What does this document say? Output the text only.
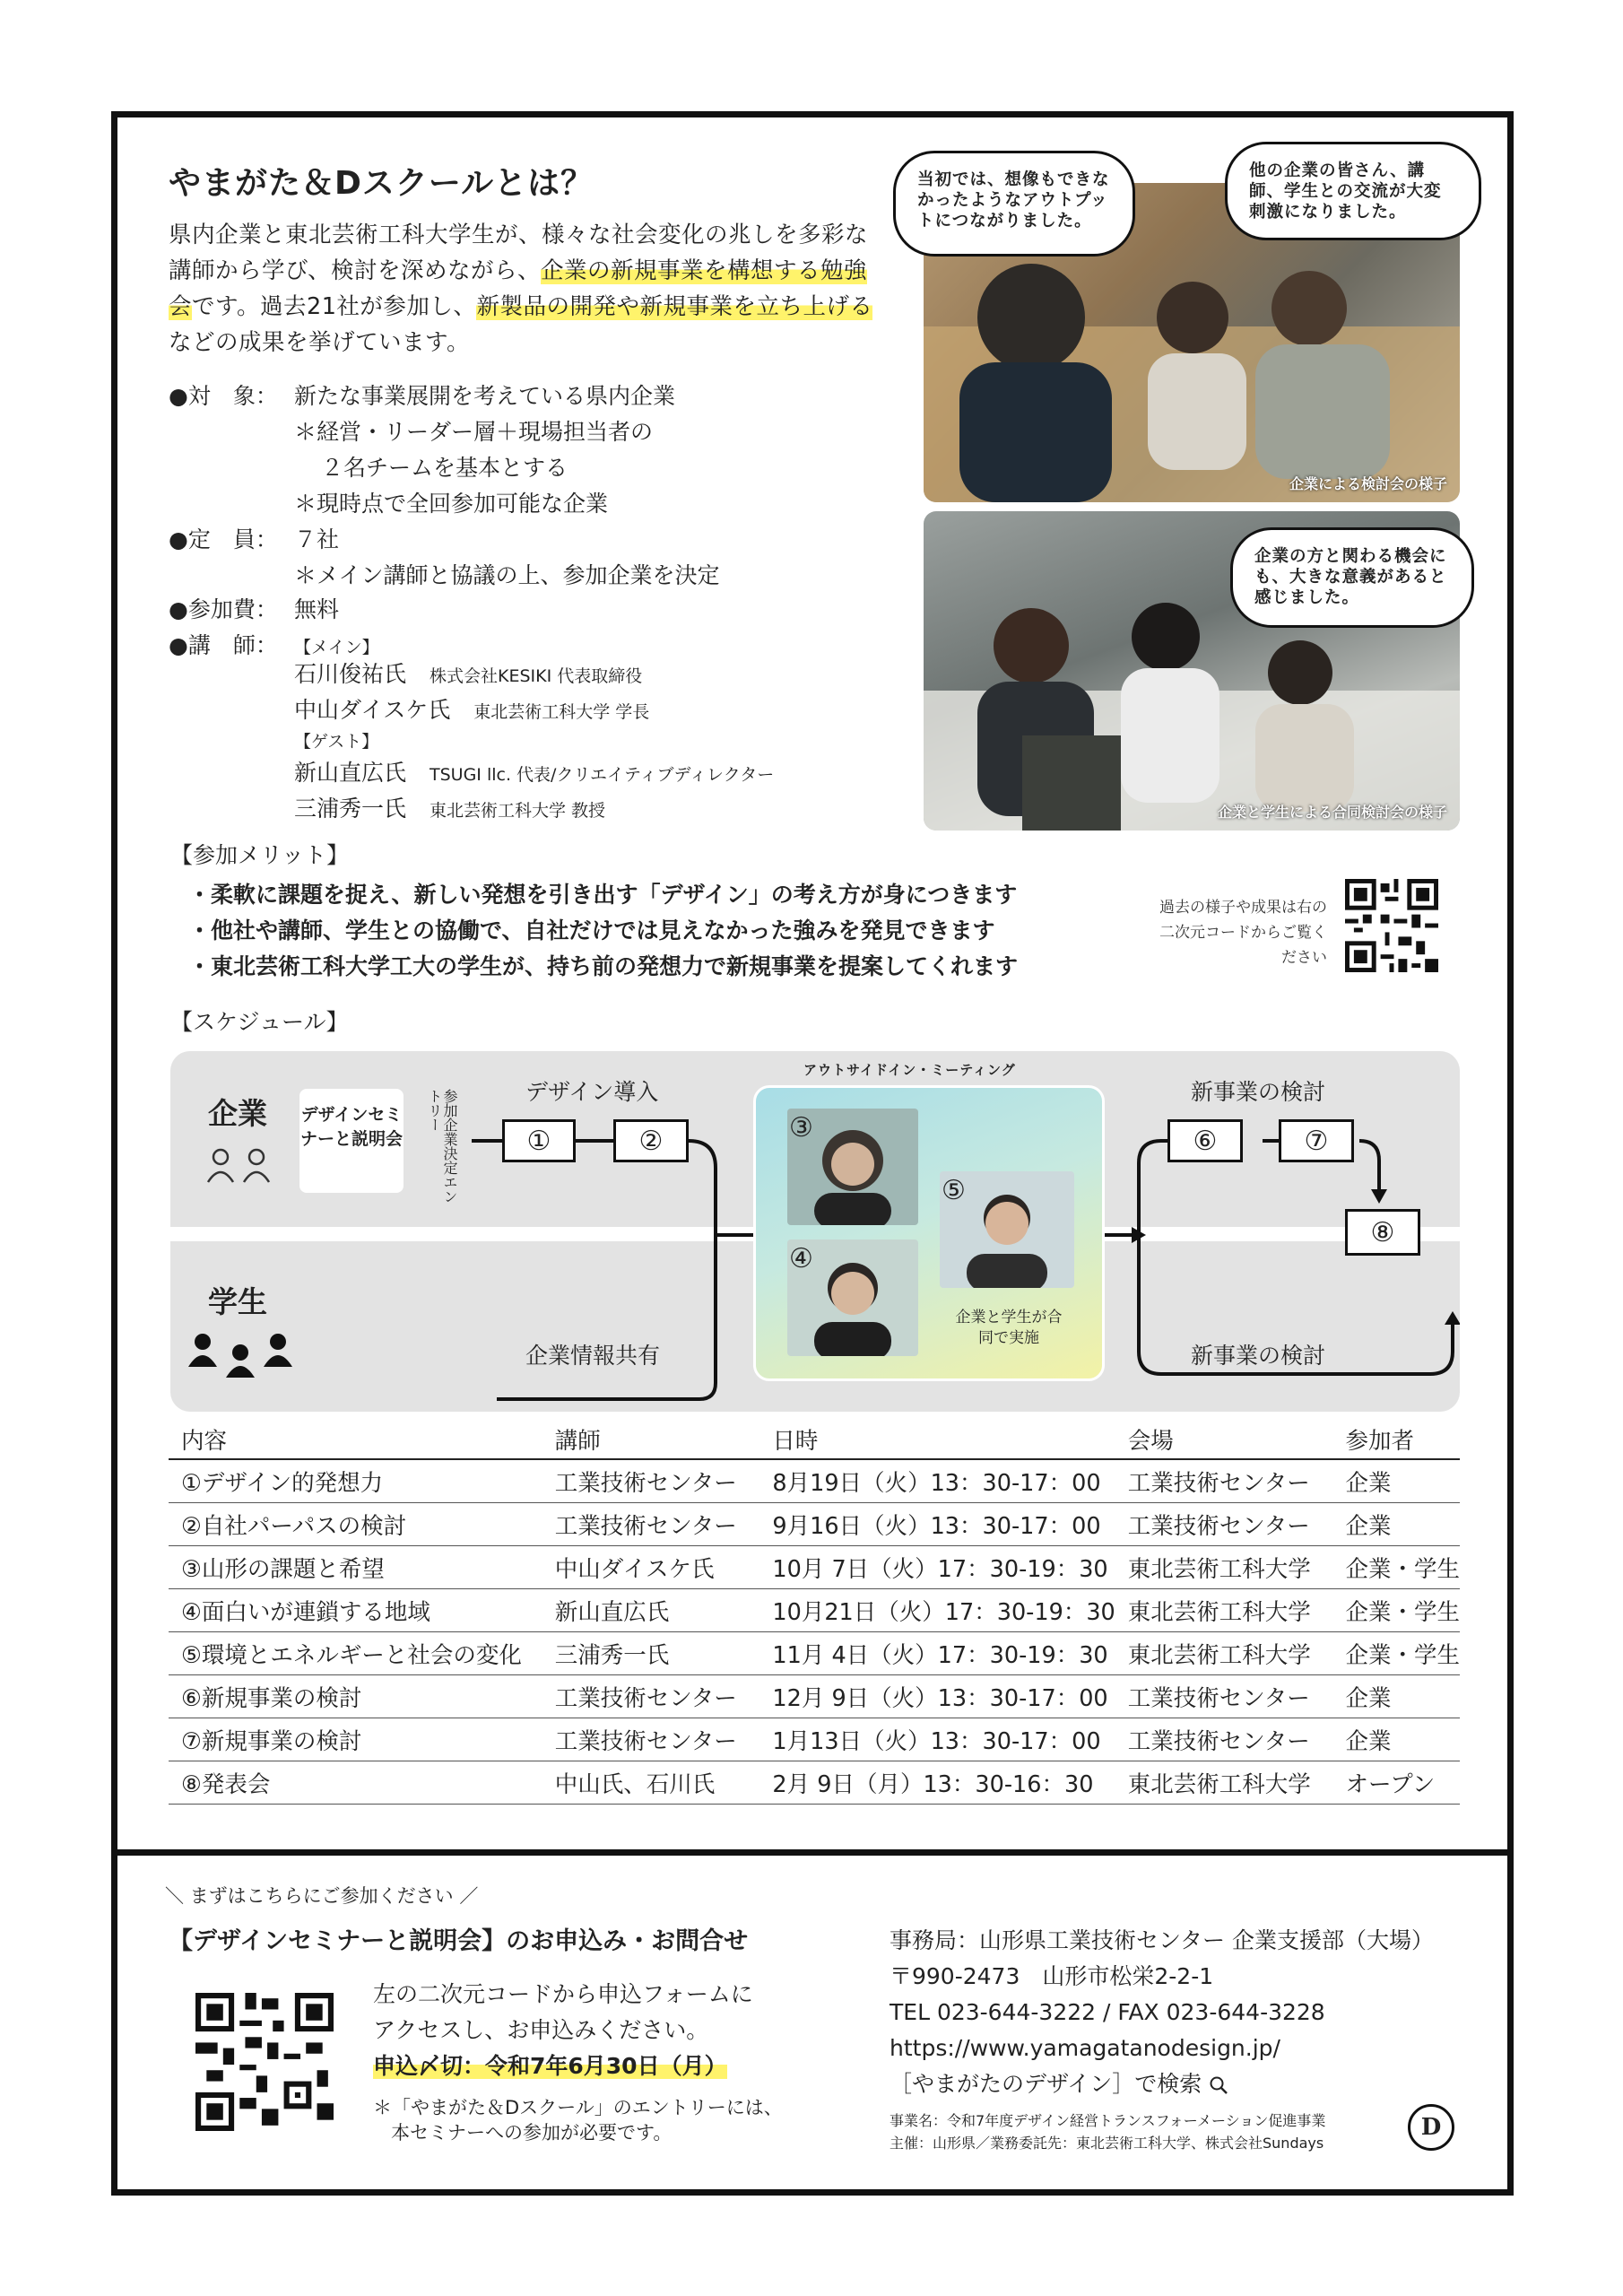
やまがた＆Dスクールとは？
県内企業と東北芸術工科大学生が、様々な社会変化の兆しを多彩な講師から学び、検討を深めながら、企業の新規事業を構想する勉強会です。過去21社が参加し、新製品の開発や新規事業を立ち上げるなどの成果を挙げています。
●対　象： 新たな事業展開を考えている県内企業
＊経営・リーダー層＋現場担当者の
２名チームを基本とする
＊現時点で全回参加可能な企業
●定　員： ７社
＊メイン講師と協議の上、参加企業を決定
●参加費： 無料
●講　師： 【メイン】
石川俊祐氏 株式会社KESIKI 代表取締役
中山ダイスケ氏 東北芸術工科大学 学長
【ゲスト】
新山直広氏 TSUGI llc. 代表/クリエイティブディレクター
三浦秀一氏 東北芸術工科大学 教授
企業による検討会の様子
企業と学生による合同検討会の様子
当初では、想像もできなかったようなアウトプットにつながりました。
他の企業の皆さん、講師、学生との交流が大変刺激になりました。
企業の方と関わる機会にも、大きな意義があると感じました。
【参加メリット】
・柔軟に課題を捉え、新しい発想を引き出す「デザイン」の考え方が身につきます
・他社や講師、学生との協働で、自社だけでは見えなかった強みを発見できます
・東北芸術工科大学工大の学生が、持ち前の発想力で新規事業を提案してくれます
過去の様子や成果は右の二次元コードからご覧ください
【スケジュール】
企業
学生
デザインセミナーと説明会	参加企業決定エントリー
①	②
デザイン導入
アウトサイドイン・ミーティング
③
④
⑤
企業と学生が合同で実施
⑥	⑦
⑧
新事業の検討
新事業の検討
企業情報共有
内容	講師	日時	会場	参加者
①デザイン的発想力	工業技術センター	8月19日（火）13：30-17：00	工業技術センター	企業
②自社パーパスの検討	工業技術センター	9月16日（火）13：30-17：00	工業技術センター	企業
③山形の課題と希望	中山ダイスケ氏	10月 7日（火）17：30-19：30	東北芸術工科大学	企業・学生
④面白いが連鎖する地域	新山直広氏	10月21日（火）17：30-19：30	東北芸術工科大学	企業・学生
⑤環境とエネルギーと社会の変化	三浦秀一氏	11月 4日（火）17：30-19：30	東北芸術工科大学	企業・学生
⑥新規事業の検討	工業技術センター	12月 9日（火）13：30-17：00	工業技術センター	企業
⑦新規事業の検討	工業技術センター	1月13日（火）13：30-17：00	工業技術センター	企業
⑧発表会	中山氏、石川氏	2月 9日（月）13：30-16：30	東北芸術工科大学	オープン
＼ まずはこちらにご参加ください ／
【デザインセミナーと説明会】のお申込み・お問合せ
左の二次元コードから申込フォームに
アクセスし、お申込みください。
申込〆切：令和7年6月30日（月）
＊「やまがた＆Dスクール」のエントリーには、
本セミナーへの参加が必要です。
事務局：山形県工業技術センター 企業支援部（大場）
〒990-2473　山形市松栄2-2-1
TEL 023-644-3222 / FAX 023-644-3228
https://www.yamagatanodesign.jp/
［やまがたのデザイン］で検索
事業名：令和7年度デザイン経営トランスフォーメーション促進事業
主催：山形県／業務委託先：東北芸術工科大学、株式会社Sundays
D
